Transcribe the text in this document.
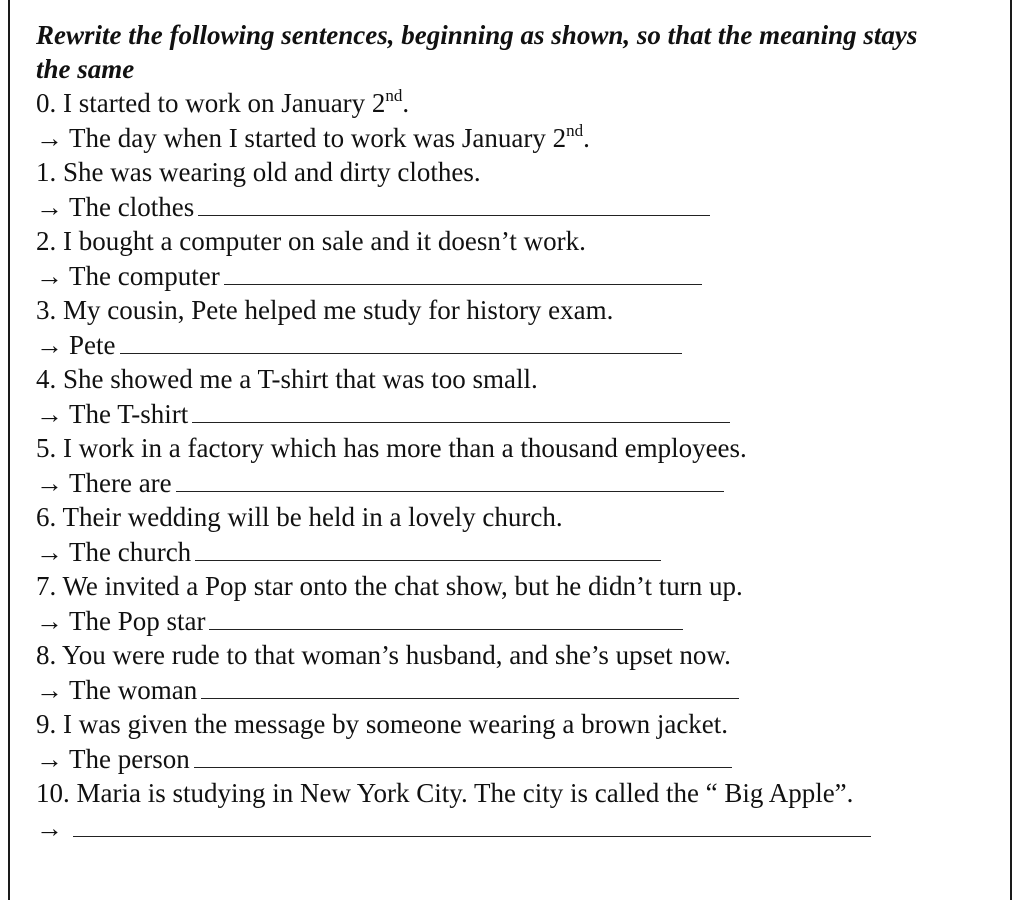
Rewrite the following sentences, beginning as shown, so that the meaning stays the same

0. I started to work on January 2nd.
→ The day when I started to work was January 2nd.
1. She was wearing old and dirty clothes.
→ The clothes
2. I bought a computer on sale and it doesn’t work.
→ The computer
3. My cousin, Pete helped me study for history exam.
→ Pete
4. She showed me a T-shirt that was too small.
→ The T-shirt
5. I work in a factory which has more than a thousand employees.
→ There are
6. Their wedding will be held in a lovely church.
→ The church
7. We invited a Pop star onto the chat show, but he didn’t turn up.
→ The Pop star
8. You were rude to that woman’s husband, and she’s upset now.
→ The woman
9. I was given the message by someone wearing a brown jacket.
→ The person
10. Maria is studying in New York City. The city is called the “ Big Apple”.
→
